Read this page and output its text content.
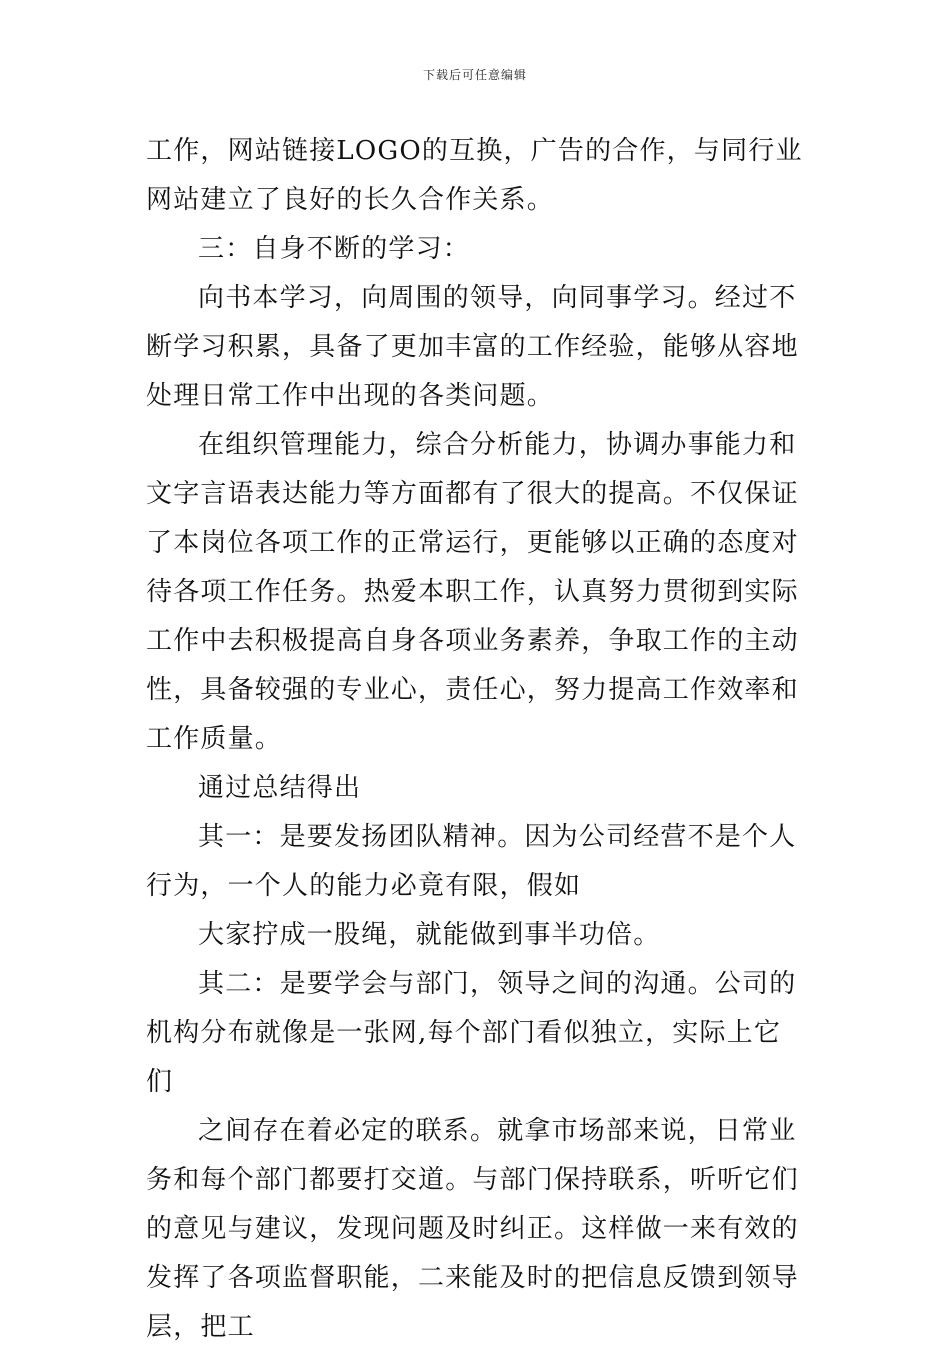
下载后可任意编辑

工作，网站链接LOGO的互换，广告的合作，与同行业网站建立了良好的长久合作关系。

三：自身不断的学习：

向书本学习，向周围的领导，向同事学习。经过不断学习积累，具备了更加丰富的工作经验，能够从容地处理日常工作中出现的各类问题。

在组织管理能力，综合分析能力，协调办事能力和文字言语表达能力等方面都有了很大的提高。不仅保证了本岗位各项工作的正常运行，更能够以正确的态度对待各项工作任务。热爱本职工作，认真努力贯彻到实际工作中去积极提高自身各项业务素养，争取工作的主动性，具备较强的专业心，责任心，努力提高工作效率和工作质量。

通过总结得出

其一：是要发扬团队精神。因为公司经营不是个人行为，一个人的能力必竟有限，假如

大家拧成一股绳，就能做到事半功倍。

其二：是要学会与部门，领导之间的沟通。公司的机构分布就像是一张网,每个部门看似独立，实际上它们

之间存在着必定的联系。就拿市场部来说，日常业务和每个部门都要打交道。与部门保持联系，听听它们的意见与建议，发现问题及时纠正。这样做一来有效的发挥了各项监督职能，二来能及时的把信息反馈到领导层，把工
